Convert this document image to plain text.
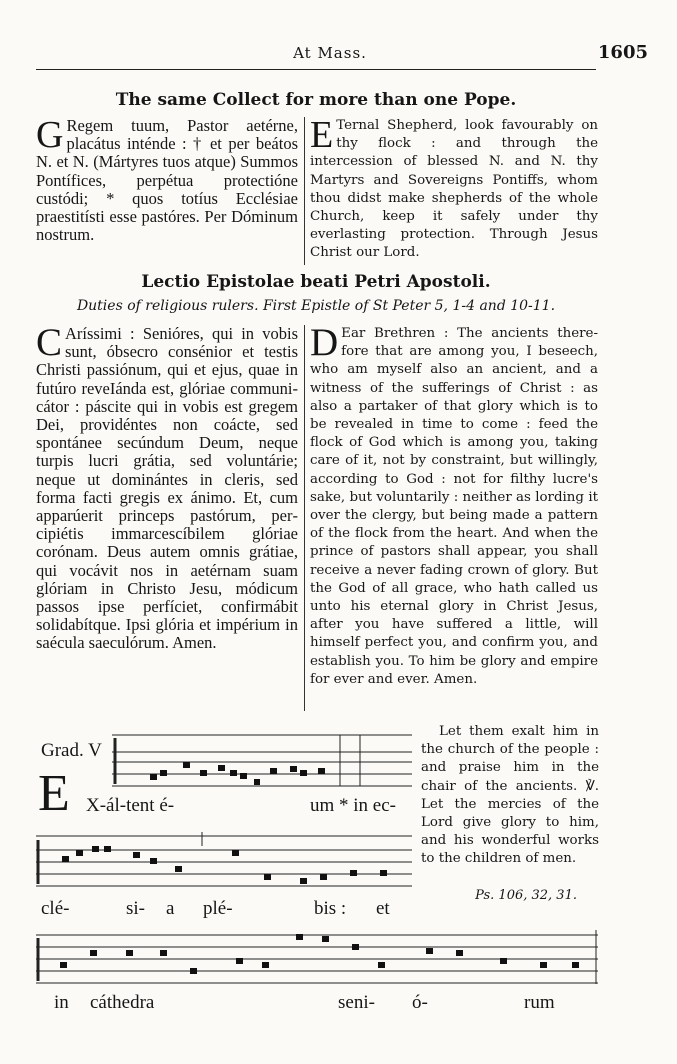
At Mass.	1605
The same Collect for more than one Pope.
G Regem tuum, Pastor aetérne, placátus inténde : † et per beátos N. et N. (Mártyres tuos atque) Summos Pontífices, perpétua protectióne custódi; * quos totíus Ecclésiae praestitísti esse pastóres. Per Dóminum nostrum.
E Ternal Shepherd, look favourably on thy flock : and through the intercession of blessed N. and N. thy Martyrs and Sovereigns Pontiffs, whom thou didst make shepherds of the whole Church, keep it safely under thy everlasting protection. Through Jesus Christ our Lord.
Lectio Epistolae beati Petri Apostoli.
Duties of religious rulers. First Epistle of St Peter 5, 1-4 and 10-11.
C Aríssimi : Senióres, qui in vobis sunt, óbsecro consénior et testis Christi passiónum, qui et ejus, quae in futúro reveIánda est, glóriae communicátor : páscite qui in vobis est gregem Dei, providéntes non coácte, sed spontánee secúndum Deum, neque turpis lucri grátia, sed voluntárie; neque ut dominántes in cleris, sed forma facti gregis ex ánimo. Et, cum apparúerit princeps pastórum, percipiétis immarcescíbilem glóriae corónam. Deus autem omnis grátiae, qui vocávit nos in aetérnam suam glóriam in Christo Jesu, módicum passos ipse perfíciet, confirmábit solidabítque. Ipsi glória et impérium in saécula saeculórum. Amen.
D Ear Brethren : The ancients therefore that are among you, I beseech, who am myself also an ancient, and a witness of the sufferings of Christ : as also a partaker of that glory which is to be revealed in time to come : feed the flock of God which is among you, taking care of it, not by constraint, but willingly, according to God : not for filthy lucre's sake, but voluntarily : neither as lording it over the clergy, but being made a pattern of the flock from the heart. And when the prince of pastors shall appear, you shall receive a never fading crown of glory. But the God of all grace, who hath called us unto his eternal glory in Christ Jesus, after you have suffered a little, will himself perfect you, and confirm you, and establish you. To him be glory and empire for ever and ever. Amen.
Grad. V
E X-ál-tent é-	um * in ec-
clé-	si- a plé-	bis : et
in cáthedra	seni- ó-	rum
Let them exalt him in the church of the people : and praise him in the chair of the ancients. ℣. Let the mercies of the Lord give glory to him, and his wonderful works to the children of men.
Ps. 106, 32, 31.
